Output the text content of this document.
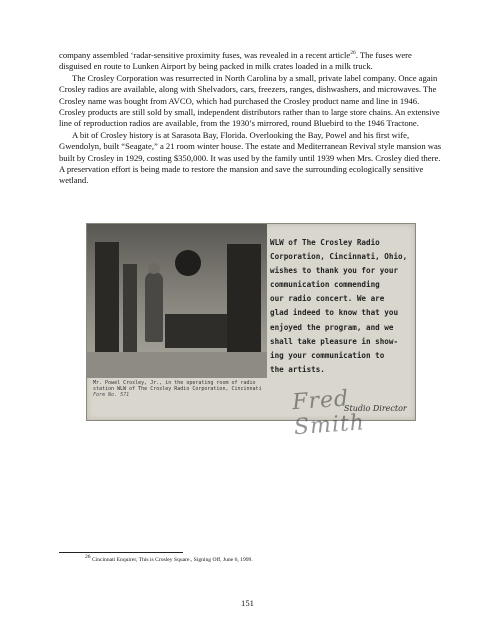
company assembled ‘radar-sensitive proximity fuses, was revealed in a recent article$^{26}$. The fuses were disguised en route to Lunken Airport by being packed in milk crates loaded in a milk truck.

The Crosley Corporation was resurrected in North Carolina by a small, private label company. Once again Crosley radios are available, along with Shelvadors, cars, freezers, ranges, dishwashers, and microwaves. The Crosley name was bought from AVCO, which had purchased the Crosley product name and line in 1946. Crosley products are still sold by small, independent distributors rather than to large store chains. An extensive line of reproduction radios are available, from the 1930’s mirrored, round Bluebird to the 1946 Tractone.

A bit of Crosley history is at Sarasota Bay, Florida. Overlooking the Bay, Powel and his first wife, Gwendolyn, built “Seagate,” a 21 room winter house. The estate and Mediterranean Revival style mansion was built by Crosley in 1929, costing $350,000. It was used by the family until 1939 when Mrs. Crosley died there. A preservation effort is being made to restore the mansion and save the surrounding ecologically sensitive wetland.

Mr. Powel Crosley, Jr., in the operating room of radio
station WLW of The Crosley Radio Corporation, Cincinnati
Form No. 571
WLW of The Crosley Radio
Corporation, Cincinnati, Ohio,
wishes to thank you for your
communication commending
our radio concert. We are
glad indeed to know that you
enjoyed the program, and we
shall take pleasure in show-
ing your communication to
the artists.
Fred Smith
Studio Director
$^{26}$ Cincinnati Enquirer, This is Crosley Square., Signing Off, June 6, 1999.
151
